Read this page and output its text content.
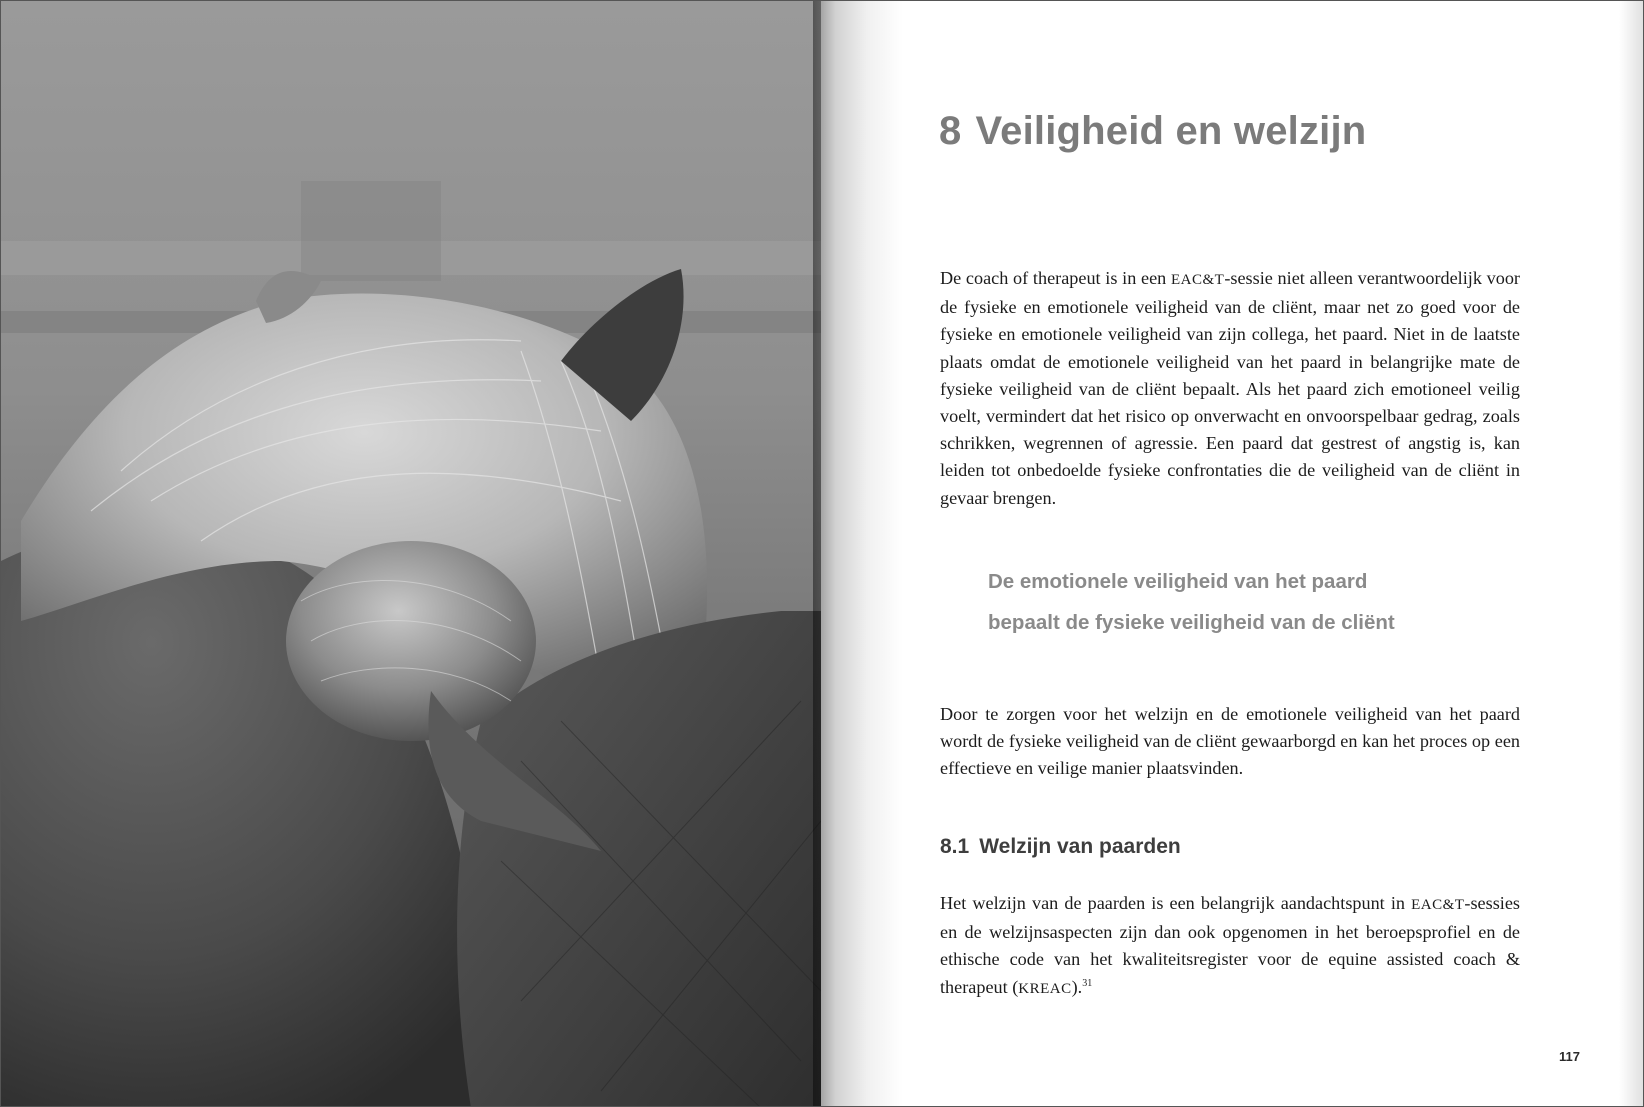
8 Veiligheid en welzijn
De coach of therapeut is in een EAC&T-sessie niet alleen verantwoordelijk voor de fysieke en emotionele veiligheid van de cliënt, maar net zo goed voor de fysieke en emotionele veiligheid van zijn collega, het paard. Niet in de laatste plaats omdat de emotionele veiligheid van het paard in belangrijke mate de fysieke veiligheid van de cliënt bepaalt. Als het paard zich emotioneel veilig voelt, vermindert dat het risico op onverwacht en onvoorspelbaar gedrag, zoals schrikken, wegrennen of agressie. Een paard dat gestrest of angstig is, kan leiden tot onbedoelde fysieke confrontaties die de veiligheid van de cliënt in gevaar brengen.
De emotionele veiligheid van het paard
bepaalt de fysieke veiligheid van de cliënt
Door te zorgen voor het welzijn en de emotionele veiligheid van het paard wordt de fysieke veiligheid van de cliënt gewaarborgd en kan het proces op een effectieve en veilige manier plaatsvinden.
8.1 Welzijn van paarden
Het welzijn van de paarden is een belangrijk aandachtspunt in EAC&T-sessies en de welzijnsaspecten zijn dan ook opgenomen in het beroepsprofiel en de ethische code van het kwaliteitsregister voor de equine assisted coach & therapeut (KREAC).$^{31}$
117
